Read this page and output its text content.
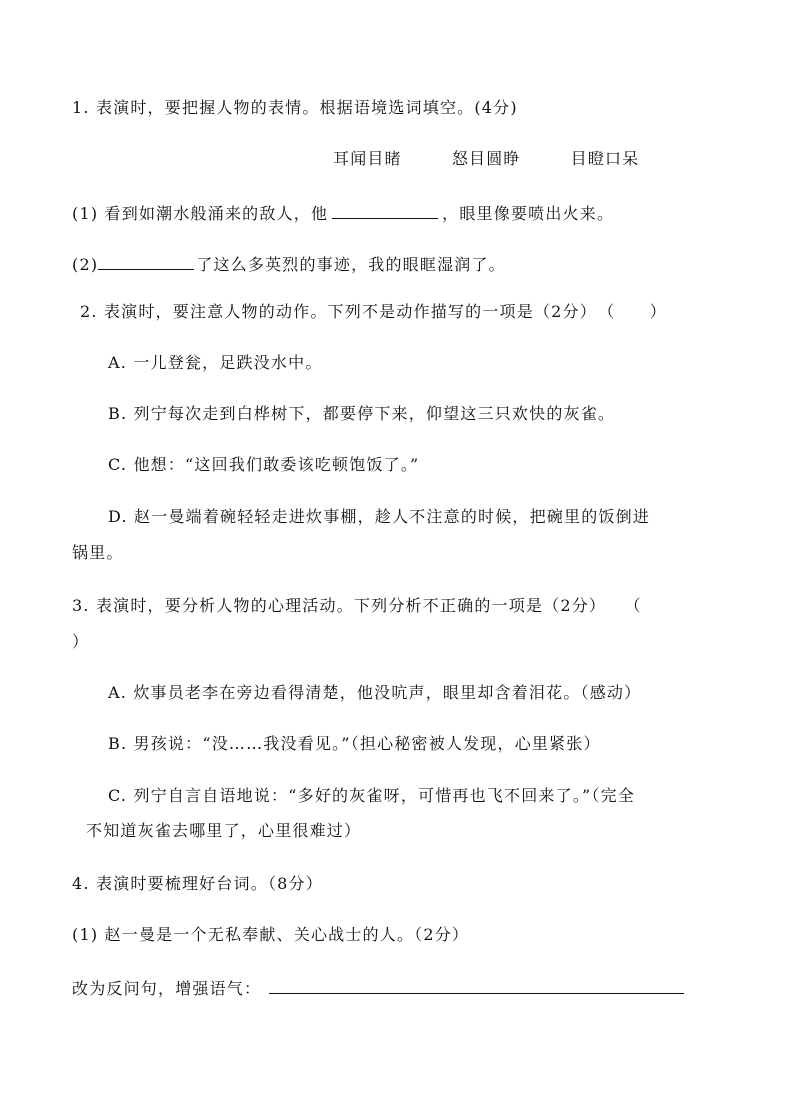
1. 表演时，要把握人物的表情。根据语境选词填空。(4分)
耳闻目睹	怒目圆睁	目瞪口呆
(1) 看到如潮水般涌来的敌人，他	，眼里像要喷出火来。
(2)	了这么多英烈的事迹，我的眼眶湿润了。
2. 表演时，要注意人物的动作。下列不是动作描写的一项是（2分）　（　　）
A. 一儿登瓮，足跌没水中。
B. 列宁每次走到白桦树下，都要停下来，仰望这三只欢快的灰雀。
C. 他想：“这回我们敢委该吃顿饱饭了。”
D. 赵一曼端着碗轻轻走进炊事棚，趁人不注意的时候，把碗里的饭倒进
锅里。
3. 表演时，要分析人物的心理活动。下列分析不正确的一项是（2分）　　（
）
A. 炊事员老李在旁边看得清楚，他没吭声，眼里却含着泪花。（感动）
B. 男孩说：“没……我没看见。”（担心秘密被人发现，心里紧张）
C. 列宁自言自语地说：“多好的灰雀呀，可惜再也飞不回来了。”（完全
不知道灰雀去哪里了，心里很难过）
4. 表演时要梳理好台词。（8分）
(1) 赵一曼是一个无私奉献、关心战士的人。（2分）
改为反问句，增强语气：
